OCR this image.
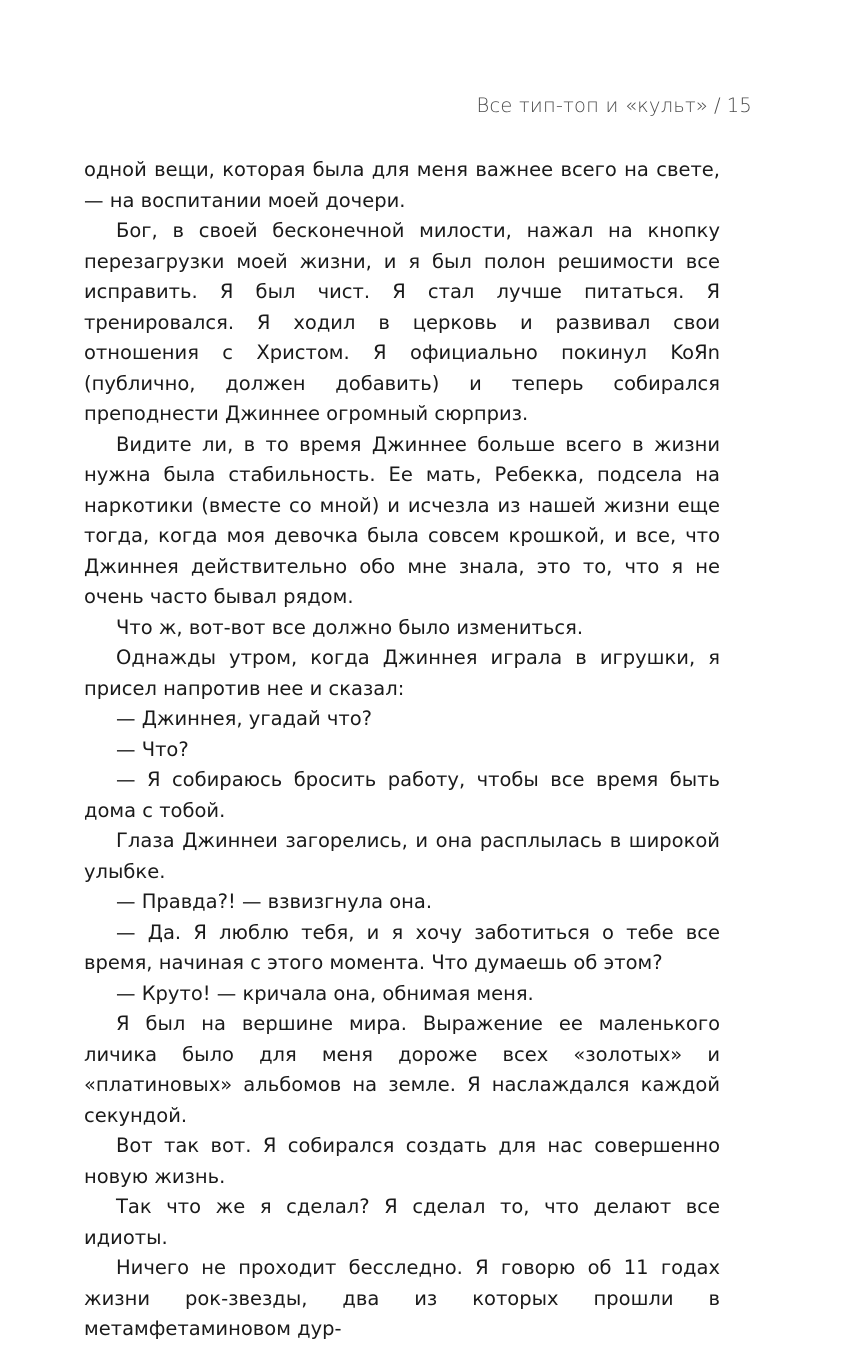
Все тип-топ и «культ» / 15

одной вещи, которая была для меня важнее всего на свете, — на воспитании моей дочери.

Бог, в своей бесконечной милости, нажал на кнопку перезагрузки моей жизни, и я был полон решимости все исправить. Я был чист. Я стал лучше питаться. Я тренировался. Я ходил в церковь и развивал свои отношения с Христом. Я официально покинул KoЯn (публично, должен добавить) и теперь собирался преподнести Джиннее огромный сюрприз.

Видите ли, в то время Джиннее больше всего в жизни нужна была стабильность. Ее мать, Ребекка, подсела на наркотики (вместе со мной) и исчезла из нашей жизни еще тогда, когда моя девочка была совсем крошкой, и все, что Джиннея действительно обо мне знала, это то, что я не очень часто бывал рядом.

Что ж, вот-вот все должно было измениться.

Однажды утром, когда Джиннея играла в игрушки, я присел напротив нее и сказал:

— Джиннея, угадай что?

— Что?

— Я собираюсь бросить работу, чтобы все время быть дома с тобой.

Глаза Джиннеи загорелись, и она расплылась в широкой улыбке.

— Правда?! — взвизгнула она.

— Да. Я люблю тебя, и я хочу заботиться о тебе все время, начиная с этого момента. Что думаешь об этом?

— Круто! — кричала она, обнимая меня.

Я был на вершине мира. Выражение ее маленького личика было для меня дороже всех «золотых» и «платиновых» альбомов на земле. Я наслаждался каждой секундой.

Вот так вот. Я собирался создать для нас совершенно новую жизнь.

Так что же я сделал? Я сделал то, что делают все идиоты.

Ничего не проходит бесследно. Я говорю об 11 годах жизни рок-звезды, два из которых прошли в метамфетаминовом дур-
